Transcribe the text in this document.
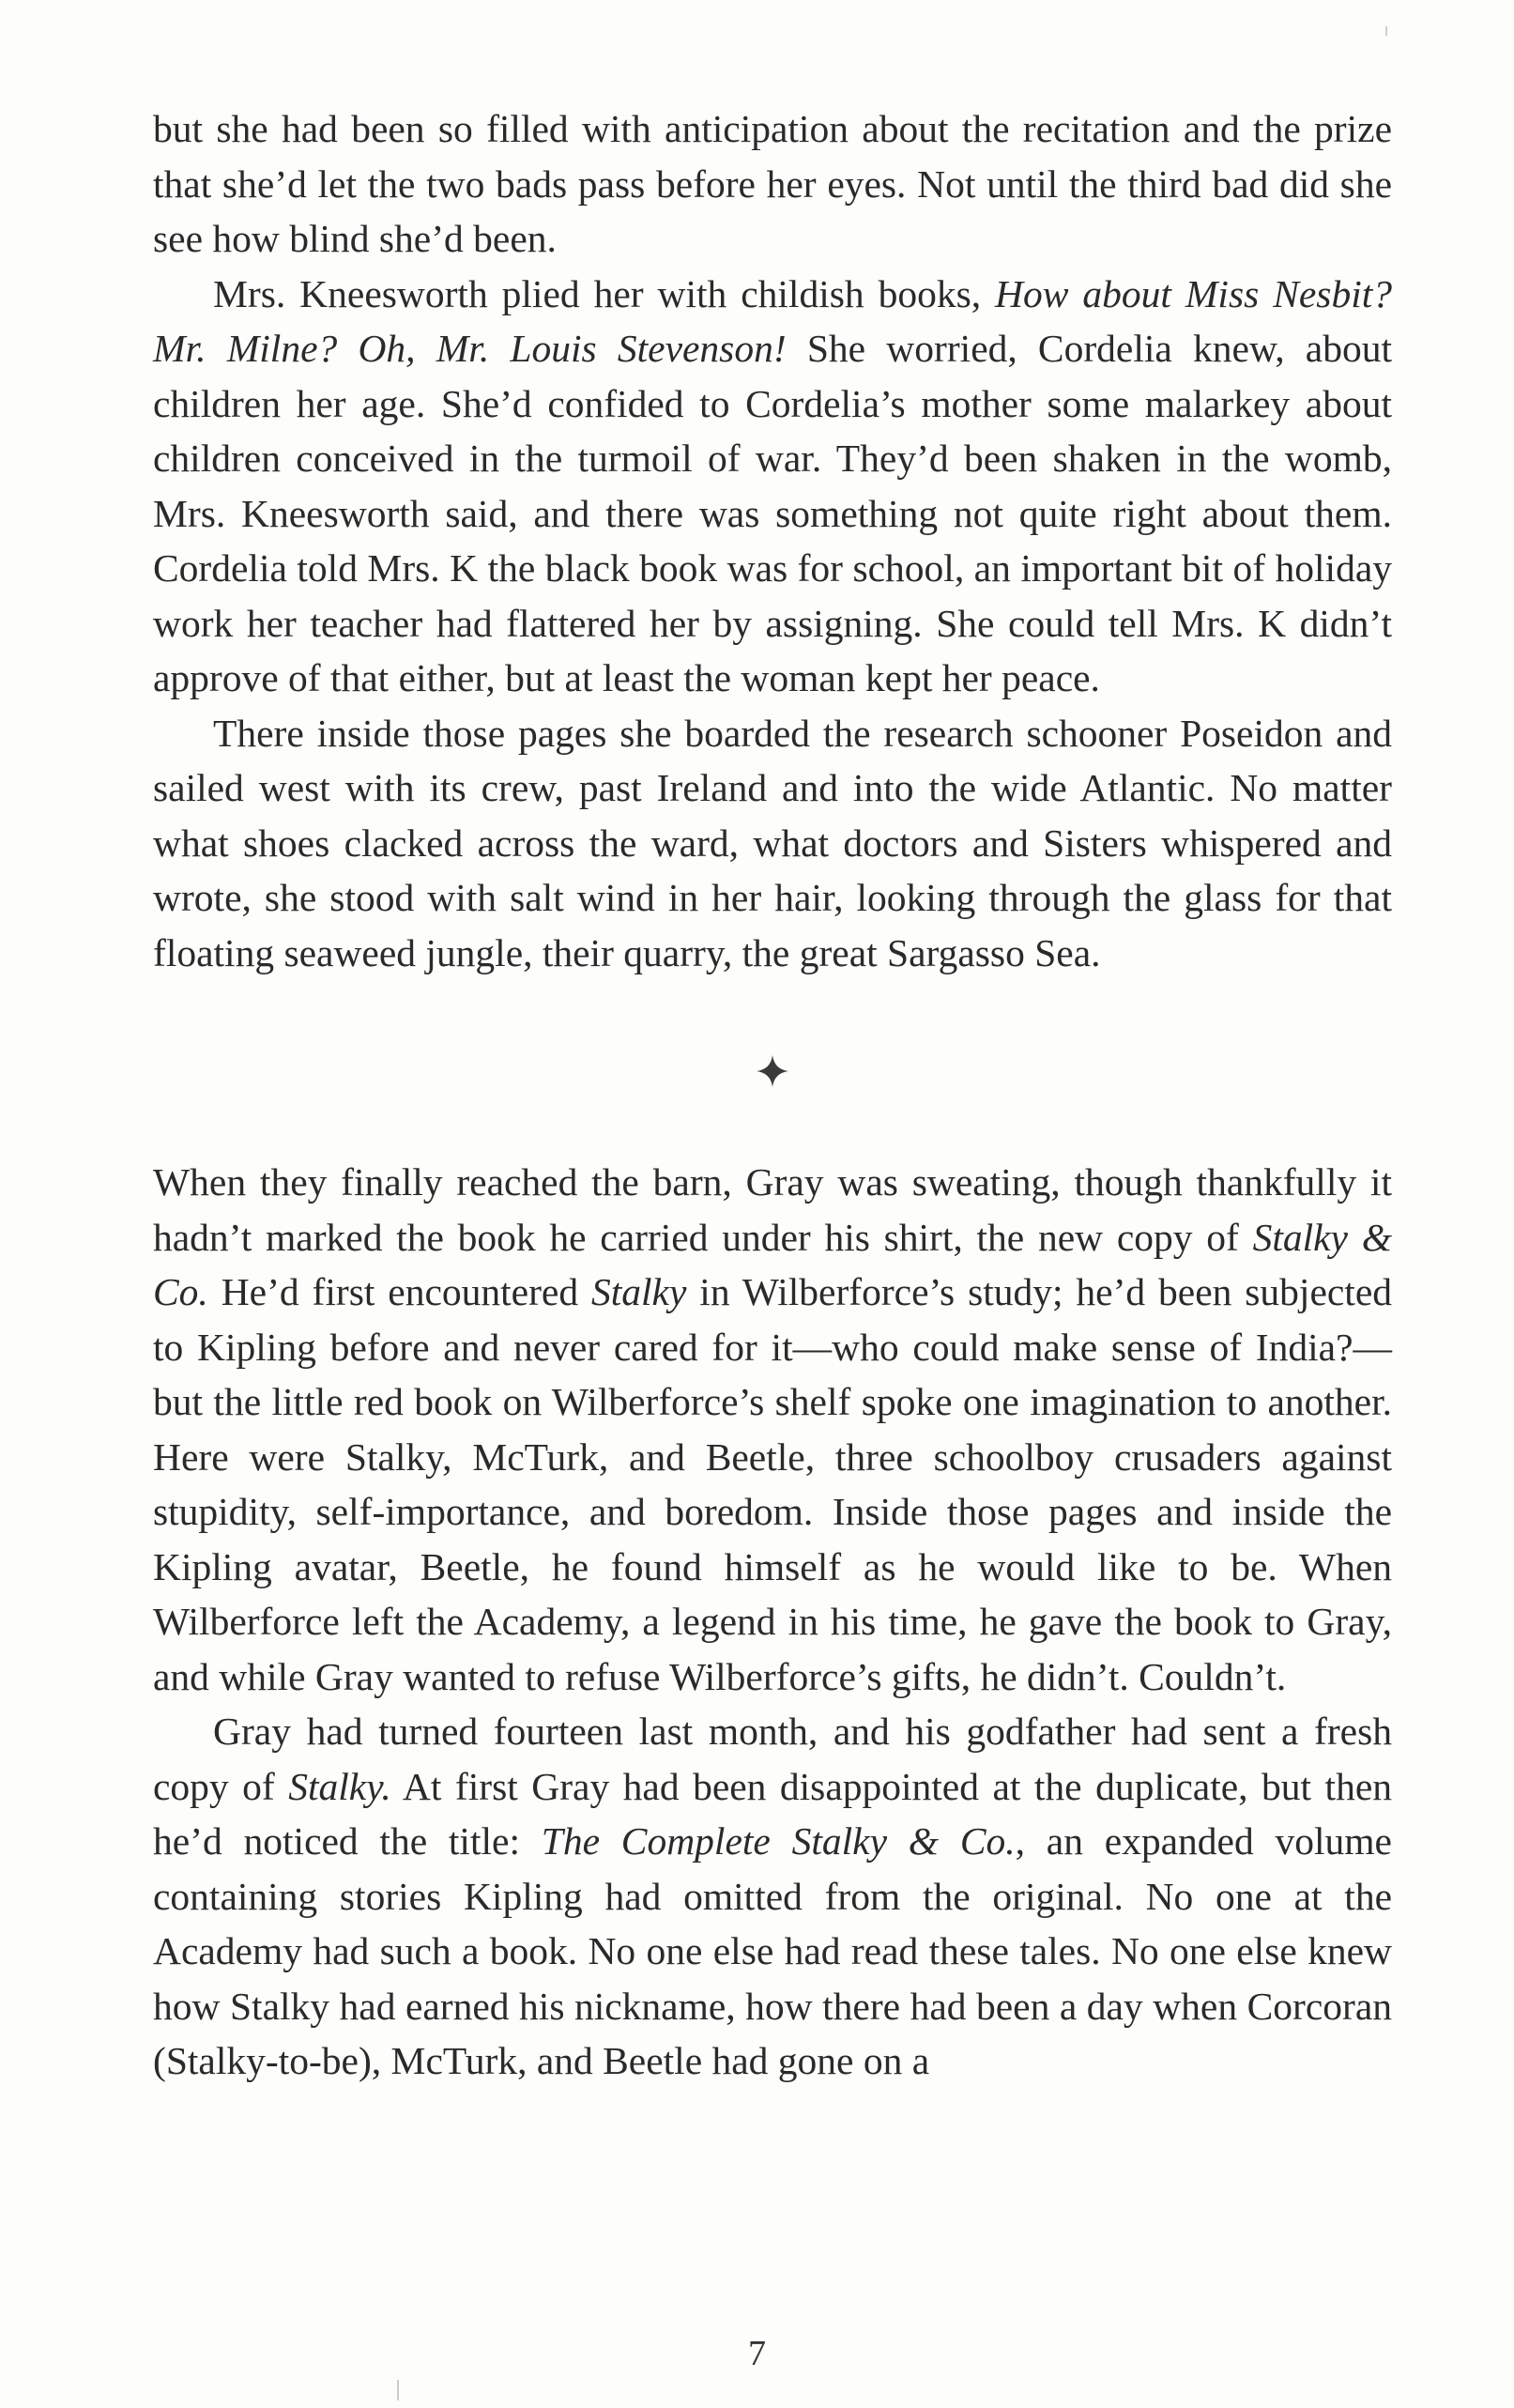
but she had been so filled with anticipation about the recitation and the prize that she’d let the two bads pass before her eyes. Not until the third bad did she see how blind she’d been.

Mrs. Kneesworth plied her with childish books, How about Miss Nesbit? Mr. Milne? Oh, Mr. Louis Stevenson! She worried, Cordelia knew, about children her age. She’d confided to Cordelia’s mother some malarkey about children conceived in the turmoil of war. They’d been shaken in the womb, Mrs. Kneesworth said, and there was something not quite right about them. Cordelia told Mrs. K the black book was for school, an important bit of holiday work her teacher had flattered her by assigning. She could tell Mrs. K didn’t approve of that either, but at least the woman kept her peace.

There inside those pages she boarded the research schooner Poseidon and sailed west with its crew, past Ireland and into the wide Atlantic. No matter what shoes clacked across the ward, what doctors and Sisters whispered and wrote, she stood with salt wind in her hair, looking through the glass for that floating seaweed jungle, their quarry, the great Sargasso Sea.

When they finally reached the barn, Gray was sweating, though thankfully it hadn’t marked the book he carried under his shirt, the new copy of Stalky & Co. He’d first encountered Stalky in Wilberforce’s study; he’d been subjected to Kipling before and never cared for it—who could make sense of India?—but the little red book on Wilberforce’s shelf spoke one imagination to another. Here were Stalky, McTurk, and Beetle, three schoolboy crusaders against stupidity, self-importance, and boredom. Inside those pages and inside the Kipling avatar, Beetle, he found himself as he would like to be. When Wilberforce left the Academy, a legend in his time, he gave the book to Gray, and while Gray wanted to refuse Wilberforce’s gifts, he didn’t. Couldn’t.

Gray had turned fourteen last month, and his godfather had sent a fresh copy of Stalky. At first Gray had been disappointed at the duplicate, but then he’d noticed the title: The Complete Stalky & Co., an expanded volume containing stories Kipling had omitted from the original. No one at the Academy had such a book. No one else had read these tales. No one else knew how Stalky had earned his nickname, how there had been a day when Corcoran (Stalky-to-be), McTurk, and Beetle had gone on a

7
